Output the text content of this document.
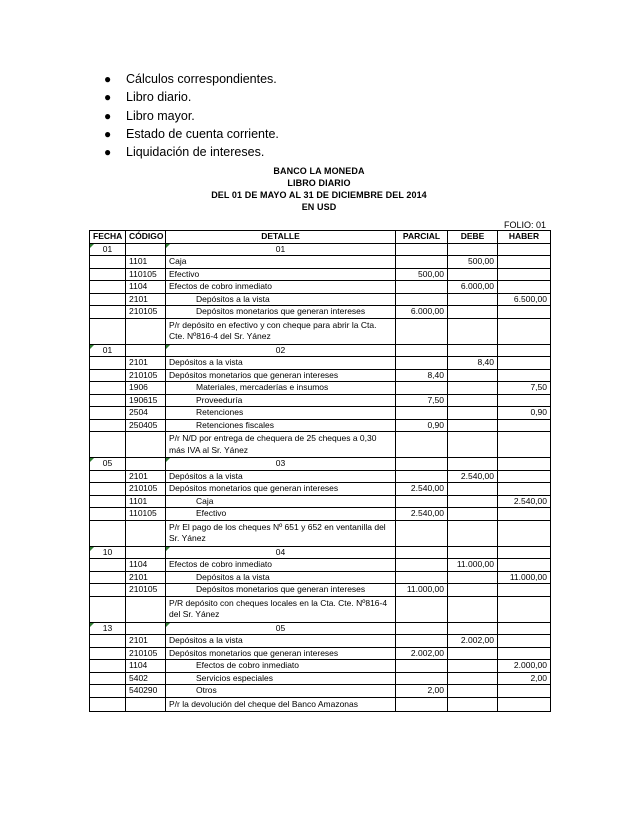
● Cálculos correspondientes.
● Libro diario.
● Libro mayor.
● Estado de cuenta corriente.
● Liquidación de intereses.
BANCO LA MONEDA
LIBRO DIARIO
DEL 01 DE MAYO AL 31 DE DICIEMBRE DEL 2014
EN USD
FOLIO: 01
FECHA	CÓDIGO	DETALLE	PARCIAL	DEBE	HABER
01		01			
	1101	Caja		500,00	
	110105	Efectivo	500,00		
	1104	Efectos de cobro inmediato		6.000,00	
	2101	Depósitos a la vista			6.500,00
	210105	Depósitos monetarios que generan intereses	6.000,00		
		P/r depósito en efectivo y con cheque para abrir la Cta. Cte. Nº816-4 del Sr. Yánez			
01		02			
	2101	Depósitos a la vista		8,40	
	210105	Depósitos monetarios que generan intereses	8,40		
	1906	Materiales, mercaderías e insumos			7,50
	190615	Proveeduría	7,50		
	2504	Retenciones			0,90
	250405	Retenciones fiscales	0,90		
		P/r N/D por entrega de chequera de 25 cheques a 0,30 más IVA al Sr. Yánez			
05		03			
	2101	Depósitos a la vista		2.540,00	
	210105	Depósitos monetarios que generan intereses	2.540,00		
	1101	Caja			2.540,00
	110105	Efectivo	2.540,00		
		P/r El pago de los cheques Nº 651 y 652 en ventanilla del Sr. Yánez			
10		04			
	1104	Efectos de cobro inmediato		11.000,00	
	2101	Depósitos a la vista			11.000,00
	210105	Depósitos monetarios que generan intereses	11.000,00		
		P/R depósito con cheques locales en la Cta. Cte. Nº816-4 del Sr. Yánez			
13		05			
	2101	Depósitos a la vista		2.002,00	
	210105	Depósitos monetarios que generan intereses	2.002,00		
	1104	Efectos de cobro inmediato			2.000,00
	5402	Servicios especiales			2,00
	540290	Otros	2,00		
		P/r la devolución del cheque del Banco Amazonas			
